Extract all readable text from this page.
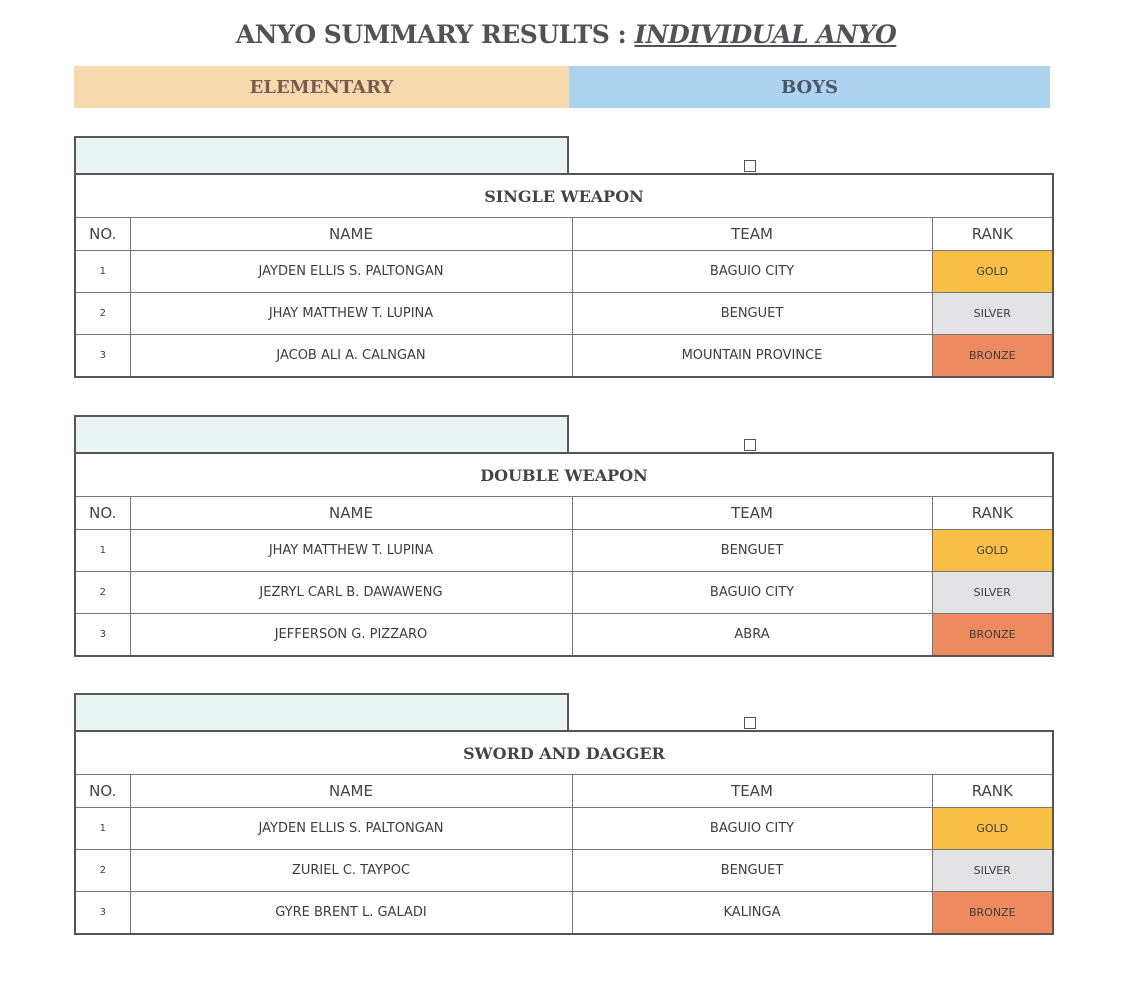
ANYO SUMMARY RESULTS : INDIVIDUAL ANYO
ELEMENTARY	BOYS
SINGLE WEAPON			
NO.	NAME	TEAM	RANK
1	JAYDEN ELLIS S. PALTONGAN	BAGUIO CITY	GOLD
2	JHAY MATTHEW T. LUPINA	BENGUET	SILVER
3	JACOB ALI A. CALNGAN	MOUNTAIN PROVINCE	BRONZE
DOUBLE WEAPON			
NO.	NAME	TEAM	RANK
1	JHAY MATTHEW T. LUPINA	BENGUET	GOLD
2	JEZRYL CARL B. DAWAWENG	BAGUIO CITY	SILVER
3	JEFFERSON G. PIZZARO	ABRA	BRONZE
SWORD AND DAGGER			
NO.	NAME	TEAM	RANK
1	JAYDEN ELLIS S. PALTONGAN	BAGUIO CITY	GOLD
2	ZURIEL C. TAYPOC	BENGUET	SILVER
3	GYRE BRENT L. GALADI	KALINGA	BRONZE
